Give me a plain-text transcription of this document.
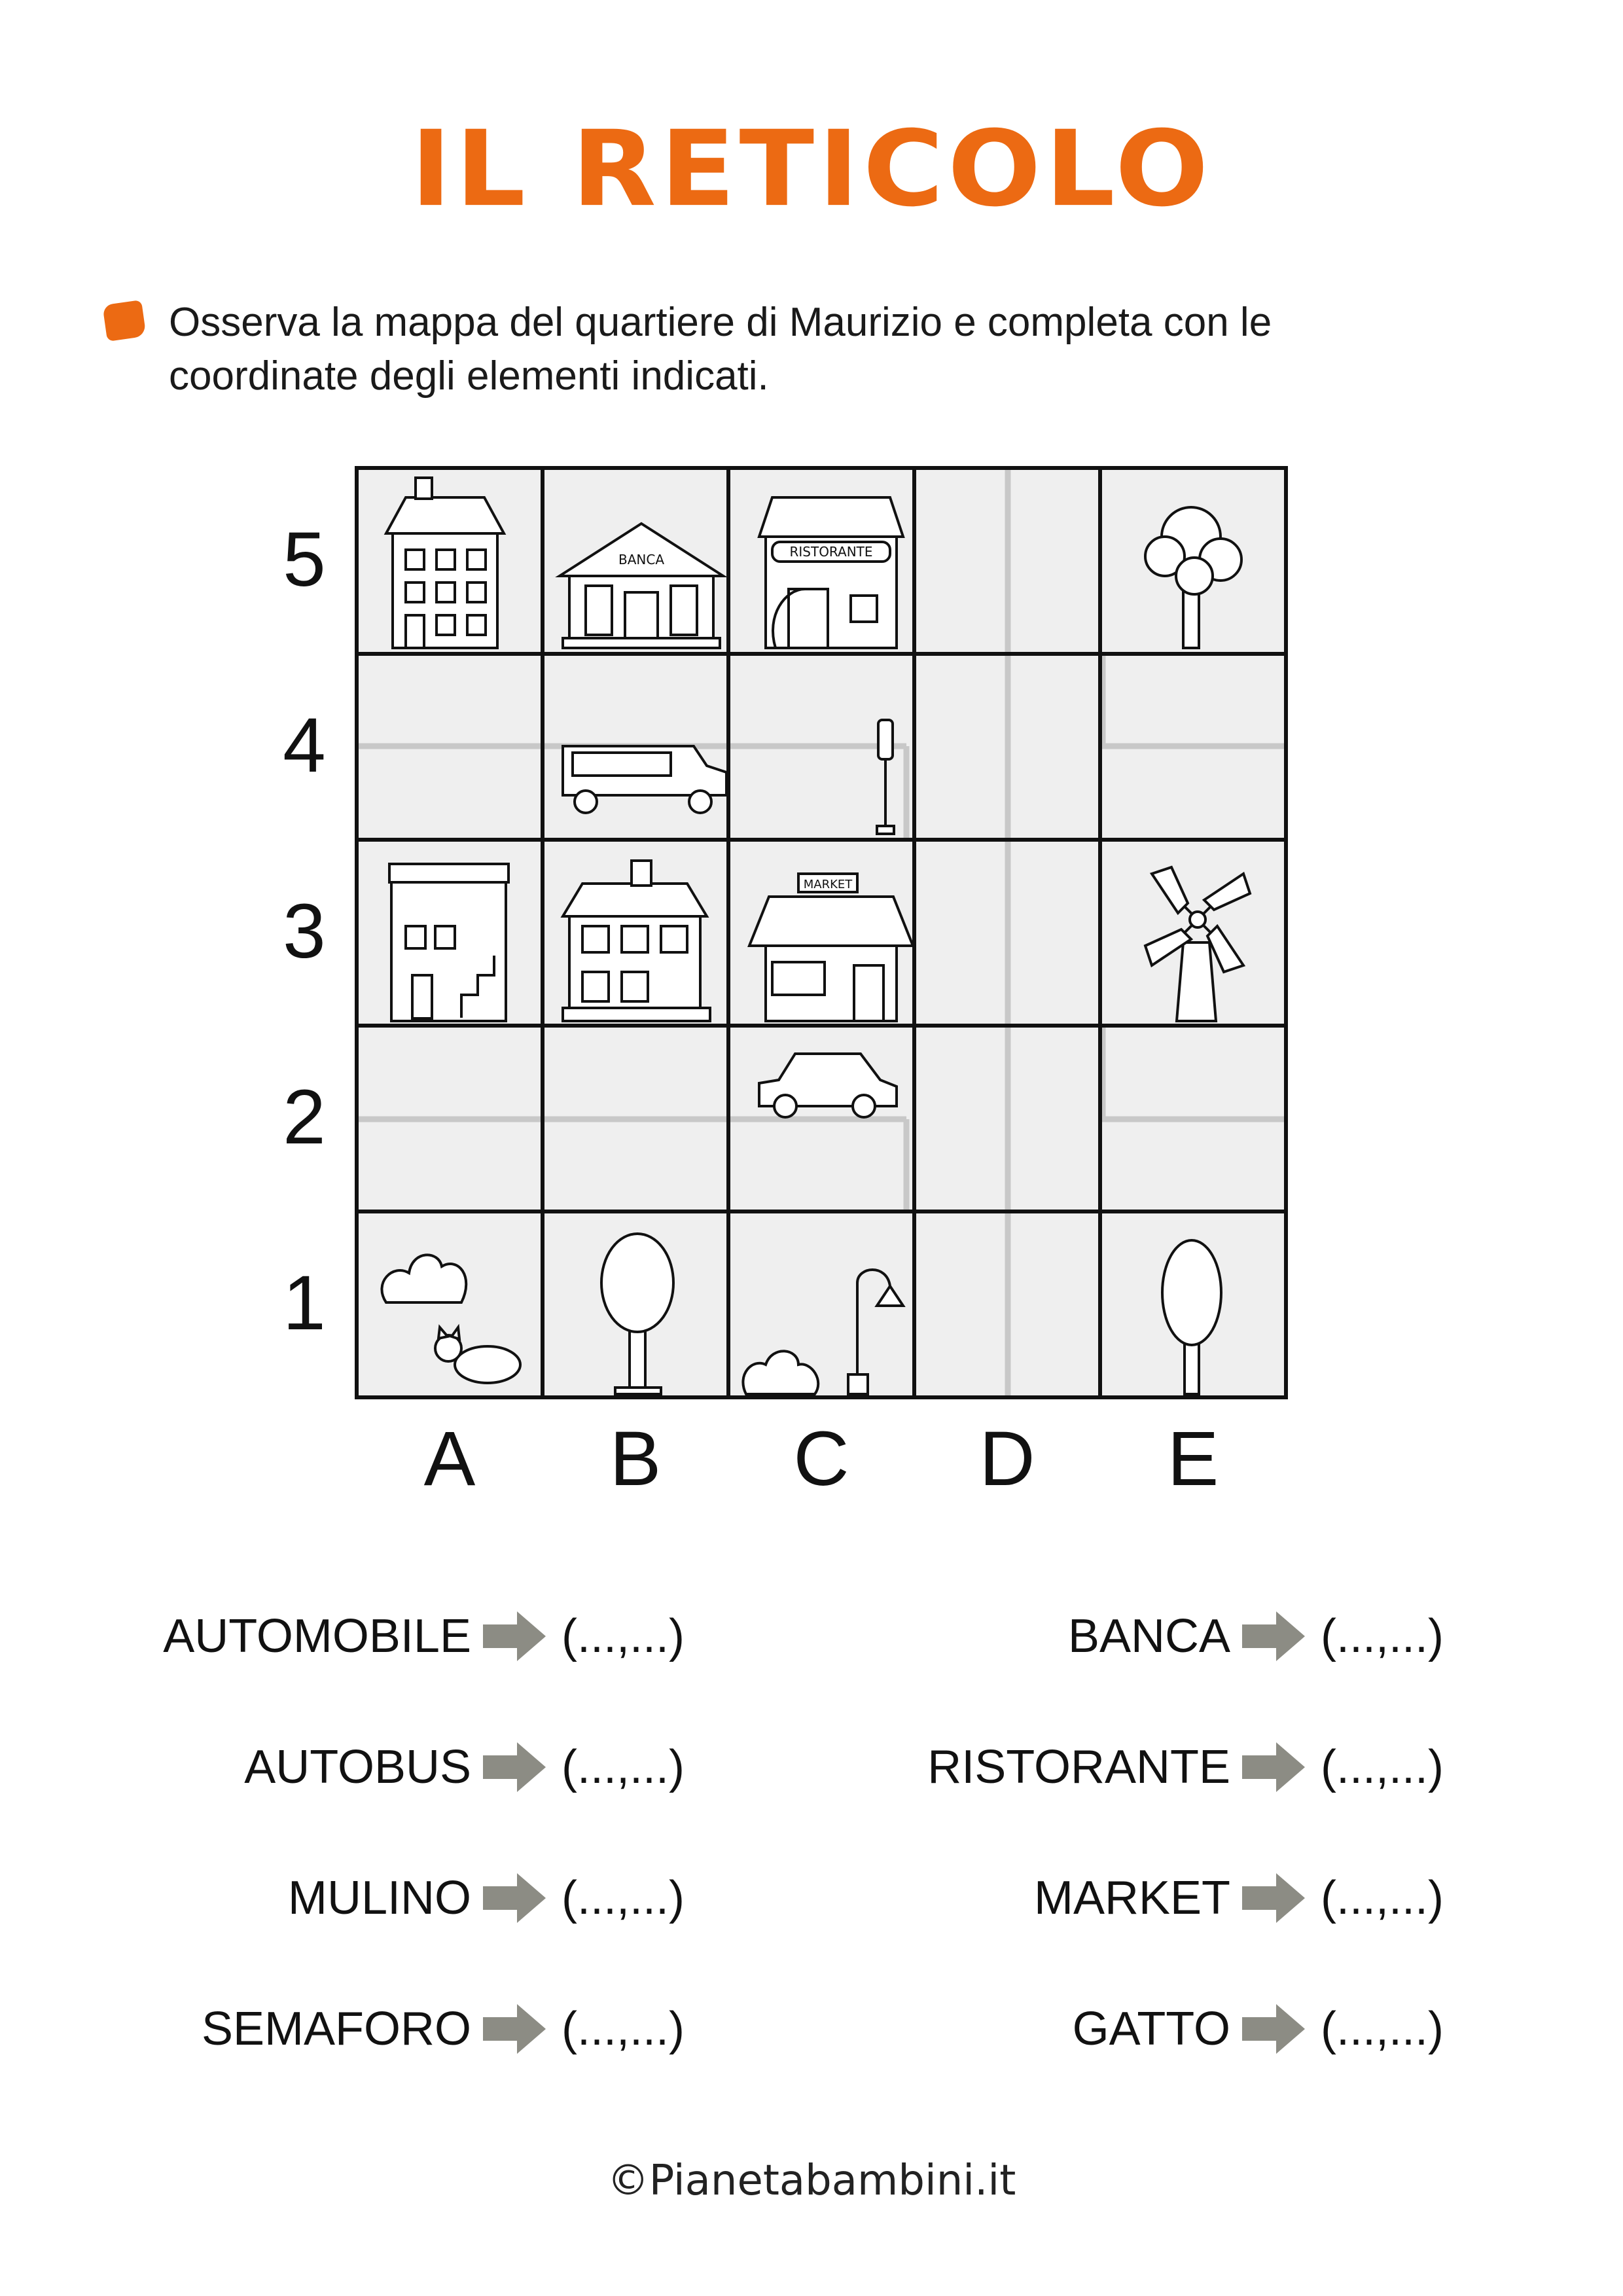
IL RETICOLO
Osserva la mappa del quartiere di Maurizio e completa con le coordinate degli elementi indicati.
BANCA	RISTORANTE
MARKET
5
4
3
2
1
A	B	C	D	E
AUTOMOBILE (...,...)
AUTOBUS (...,...)
MULINO (...,...)
SEMAFORO (...,...)
BANCA (...,...)
RISTORANTE (...,...)
MARKET (...,...)
GATTO (...,...)
©Pianetabambini.it
